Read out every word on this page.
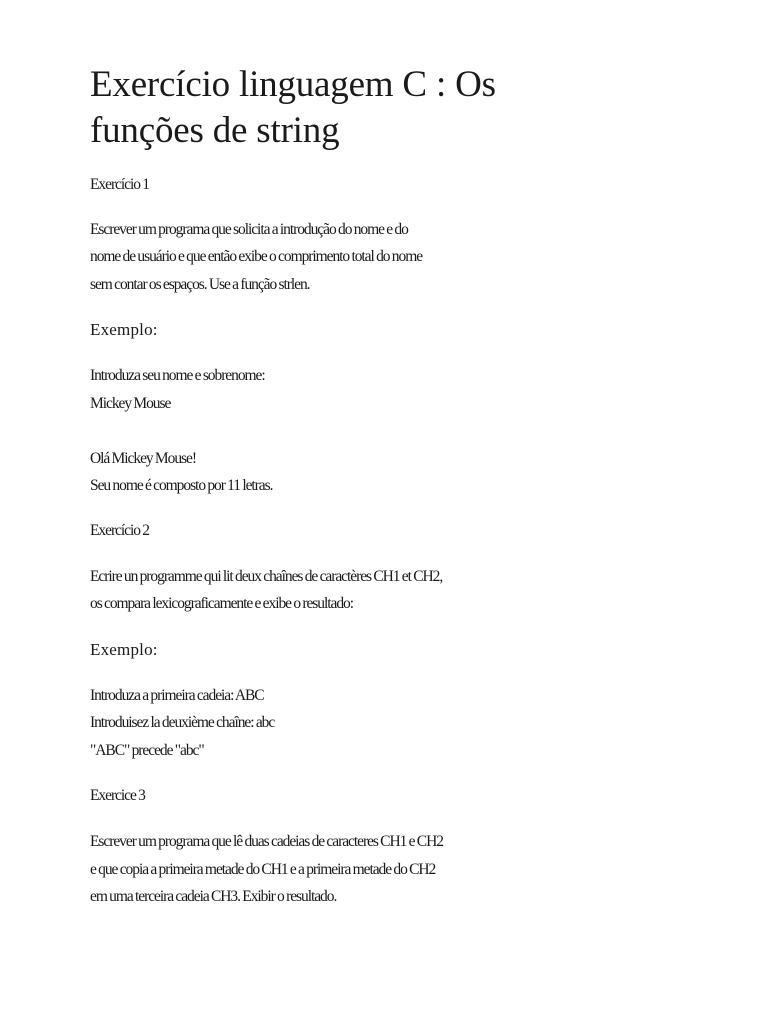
Exercício linguagem C : Os funções de string
Exercício 1
Escrever um programa que solicita a introdução do nome e do
nome de usuário e que então exibe o comprimento total do nome
sem contar os espaços. Use a função strlen.
Exemplo:
Introduza seu nome e sobrenome:
Mickey Mouse
Olá Mickey Mouse!
Seu nome é composto por 11 letras.
Exercício 2
Ecrire un programme qui lit deux chaînes de caractères CH1 et CH2,
os compara lexicograficamente e exibe o resultado:
Exemplo:
Introduza a primeira cadeia: ABC
Introduisez la deuxième chaîne: abc
"ABC" precede "abc"
Exercice 3
Escrever um programa que lê duas cadeias de caracteres CH1 e CH2
e que copia a primeira metade do CH1 e a primeira metade do CH2
em uma terceira cadeia CH3. Exibir o resultado.
